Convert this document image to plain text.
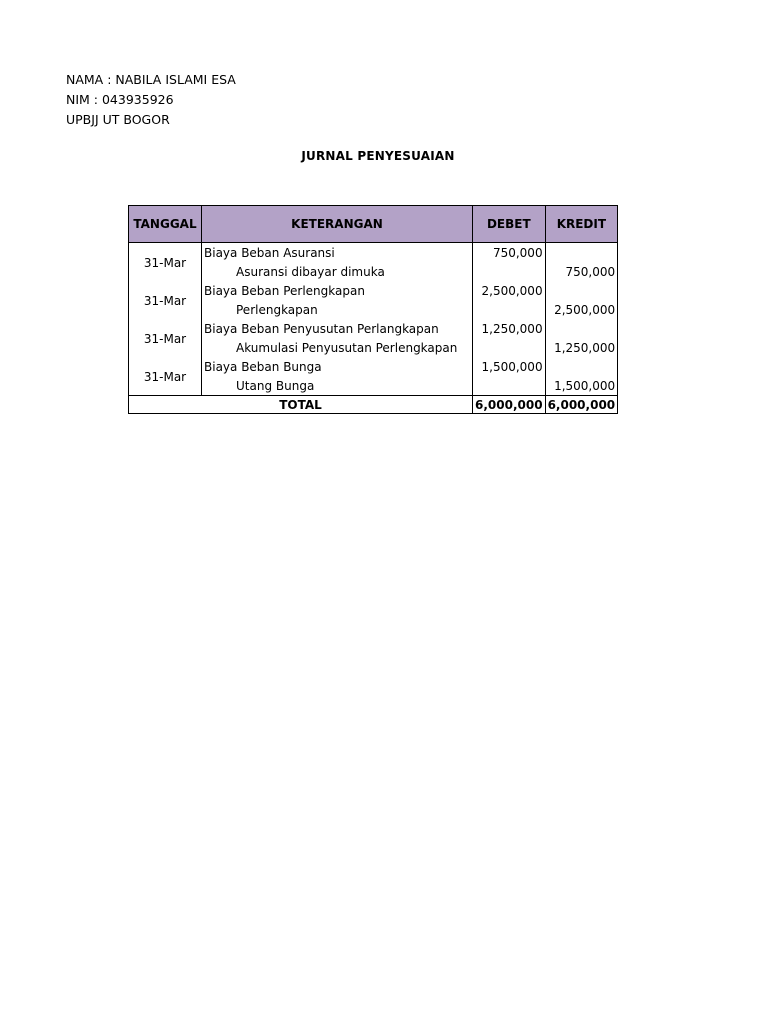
NAMA : NABILA ISLAMI ESA
NIM : 043935926
UPBJJ UT BOGOR
JURNAL PENYESUAIAN
TANGGAL	KETERANGAN	DEBET	KREDIT
31-Mar	Biaya Beban Asuransi	750,000	
	Asuransi dibayar dimuka		750,000
31-Mar	Biaya Beban Perlengkapan	2,500,000	
	Perlengkapan		2,500,000
31-Mar	Biaya Beban Penyusutan Perlangkapan	1,250,000	
	Akumulasi Penyusutan Perlengkapan		1,250,000
31-Mar	Biaya Beban Bunga	1,500,000	
	Utang Bunga		1,500,000
TOTAL		6,000,000	6,000,000
